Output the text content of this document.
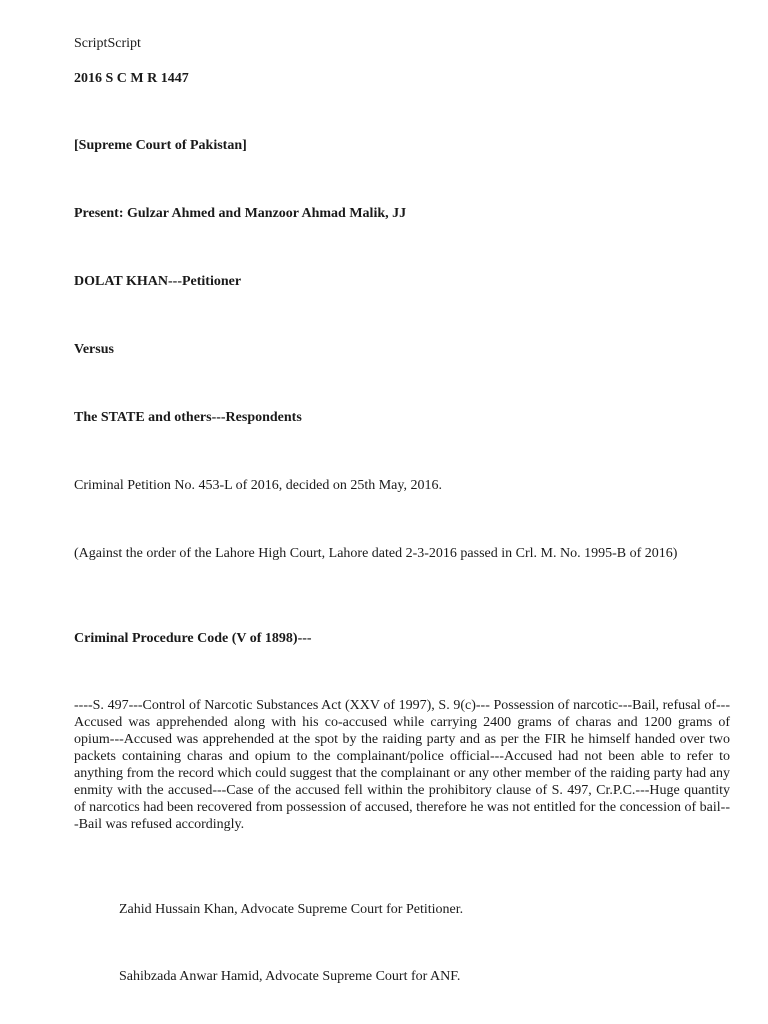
ScriptScript
2016 S C M R 1447
[Supreme Court of Pakistan]
Present: Gulzar Ahmed and Manzoor Ahmad Malik, JJ
DOLAT KHAN---Petitioner
Versus
The STATE and others---Respondents
Criminal Petition No. 453-L of 2016, decided on 25th May, 2016.
(Against the order of the Lahore High Court, Lahore dated 2-3-2016 passed in Crl. M. No. 1995-B of 2016)
Criminal Procedure Code (V of 1898)---
----S. 497---Control of Narcotic Substances Act (XXV of 1997), S. 9(c)--- Possession of narcotic---Bail, refusal of---Accused was apprehended along with his co-accused while carrying 2400 grams of charas and 1200 grams of opium---Accused was apprehended at the spot by the raiding party and as per the FIR he himself handed over two packets containing charas and opium to the complainant/police official---Accused had not been able to refer to anything from the record which could suggest that the complainant or any other member of the raiding party had any enmity with the accused---Case of the accused fell within the prohibitory clause of S. 497, Cr.P.C.---Huge quantity of narcotics had been recovered from possession of accused, therefore he was not entitled for the concession of bail---Bail was refused accordingly.
Zahid Hussain Khan, Advocate Supreme Court for Petitioner.
Sahibzada Anwar Hamid, Advocate Supreme Court for ANF.
